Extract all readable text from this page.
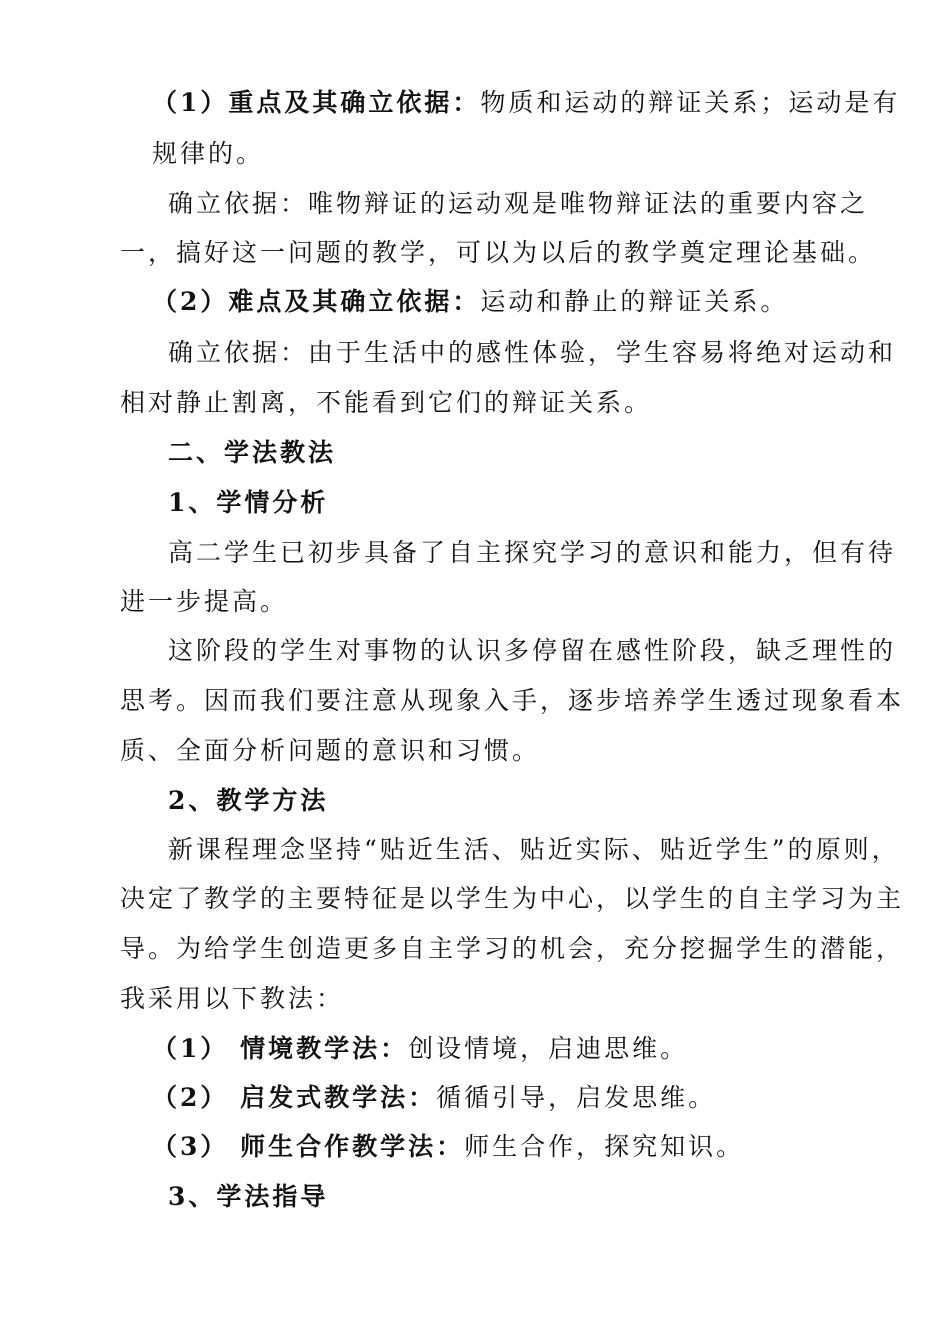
（1）重点及其确立依据：物质和运动的辩证关系；运动是有
规律的。
确立依据：唯物辩证的运动观是唯物辩证法的重要内容之
一，搞好这一问题的教学，可以为以后的教学奠定理论基础。
（2）难点及其确立依据：运动和静止的辩证关系。
确立依据：由于生活中的感性体验，学生容易将绝对运动和
相对静止割离，不能看到它们的辩证关系。
二、学法教法
1、学情分析
高二学生已初步具备了自主探究学习的意识和能力，但有待
进一步提高。
这阶段的学生对事物的认识多停留在感性阶段，缺乏理性的
思考。因而我们要注意从现象入手，逐步培养学生透过现象看本
质、全面分析问题的意识和习惯。
2、教学方法
新课程理念坚持“贴近生活、贴近实际、贴近学生”的原则，
决定了教学的主要特征是以学生为中心，以学生的自主学习为主
导。为给学生创造更多自主学习的机会，充分挖掘学生的潜能，
我采用以下教法：
（1） 情境教学法：创设情境，启迪思维。
（2） 启发式教学法：循循引导，启发思维。
（3） 师生合作教学法：师生合作，探究知识。
3、学法指导
